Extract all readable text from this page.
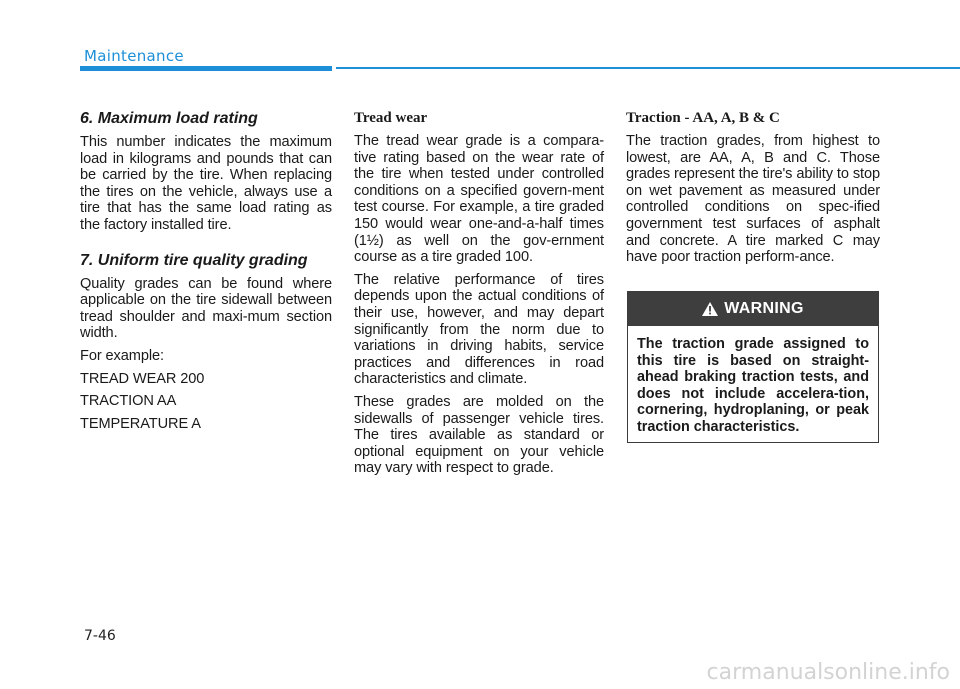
Maintenance
6. Maximum load rating

This number indicates the maximum load in kilograms and pounds that can be carried by the tire. When replacing the tires on the vehicle, always use a tire that has the same load rating as the factory installed tire.

7. Uniform tire quality grading

Quality grades can be found where applicable on the tire sidewall between tread shoulder and maxi-mum section width.

For example:

TREAD WEAR 200

TRACTION AA

TEMPERATURE A

Tread wear

The tread wear grade is a compara-tive rating based on the wear rate of the tire when tested under controlled conditions on a specified govern-ment test course. For example, a tire graded 150 would wear one-and-a-half times (1½) as well on the gov-ernment course as a tire graded 100.

The relative performance of tires depends upon the actual conditions of their use, however, and may depart significantly from the norm due to variations in driving habits, service practices and differences in road characteristics and climate.

These grades are molded on the sidewalls of passenger vehicle tires. The tires available as standard or optional equipment on your vehicle may vary with respect to grade.

Traction - AA, A, B & C

The traction grades, from highest to lowest, are AA, A, B and C. Those grades represent the tire's ability to stop on wet pavement as measured under controlled conditions on spec-ified government test surfaces of asphalt and concrete. A tire marked C may have poor traction perform-ance.

WARNING
The traction grade assigned to this tire is based on straight-ahead braking traction tests, and does not include accelera-tion, cornering, hydroplaning, or peak traction characteristics.
7-46
carmanualsonline.info
